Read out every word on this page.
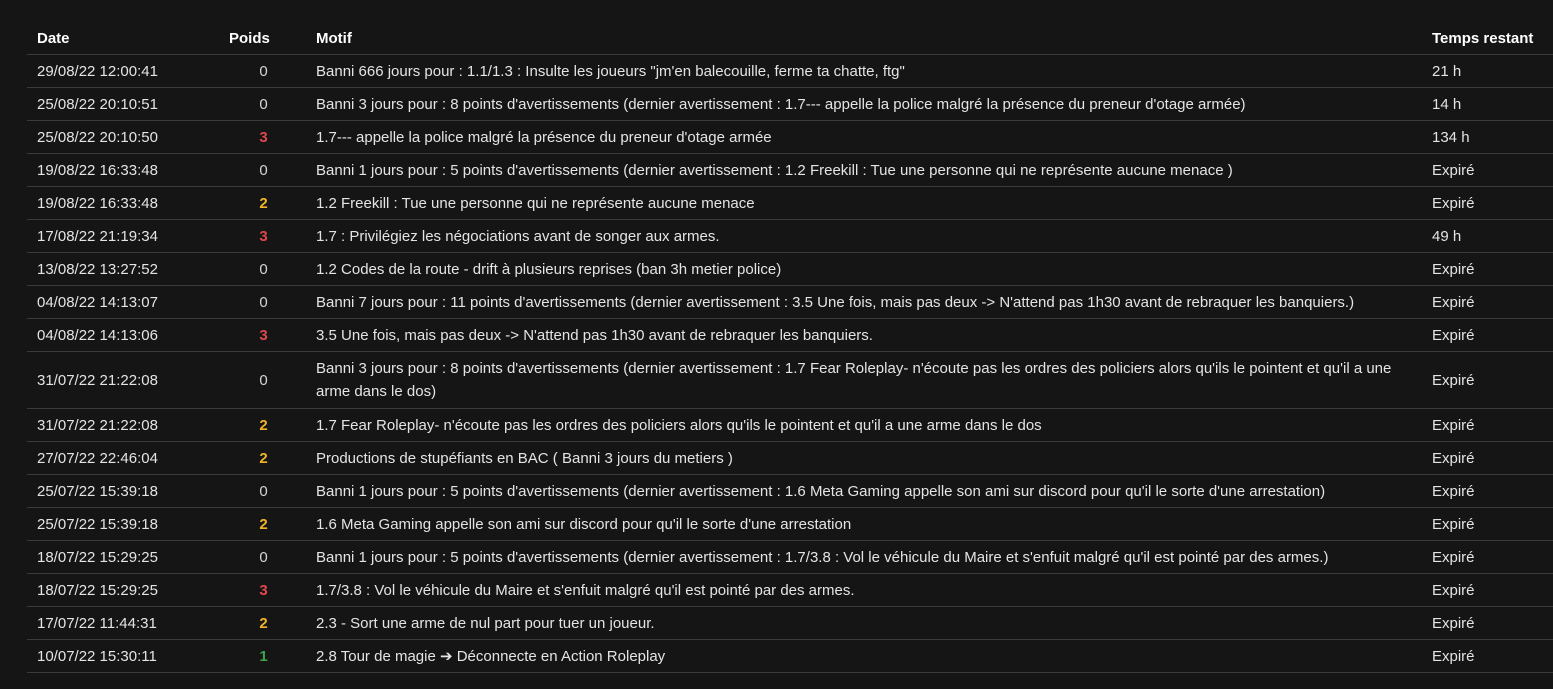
Date	Poids	Motif	Temps restant
29/08/22 12:00:41	0	Banni 666 jours pour : 1.1/1.3 : Insulte les joueurs "jm'en balecouille, ferme ta chatte, ftg"	21 h
25/08/22 20:10:51	0	Banni 3 jours pour : 8 points d'avertissements (dernier avertissement : 1.7--- appelle la police malgré la présence du preneur d'otage armée)	14 h
25/08/22 20:10:50	3	1.7--- appelle la police malgré la présence du preneur d'otage armée	134 h
19/08/22 16:33:48	0	Banni 1 jours pour : 5 points d'avertissements (dernier avertissement : 1.2 Freekill : Tue une personne qui ne représente aucune menace )	Expiré
19/08/22 16:33:48	2	1.2 Freekill : Tue une personne qui ne représente aucune menace	Expiré
17/08/22 21:19:34	3	1.7 : Privilégiez les négociations avant de songer aux armes.	49 h
13/08/22 13:27:52	0	1.2 Codes de la route - drift à plusieurs reprises (ban 3h metier police)	Expiré
04/08/22 14:13:07	0	Banni 7 jours pour : 11 points d'avertissements (dernier avertissement : 3.5 Une fois, mais pas deux -> N'attend pas 1h30 avant de rebraquer les banquiers.)	Expiré
04/08/22 14:13:06	3	3.5 Une fois, mais pas deux -> N'attend pas 1h30 avant de rebraquer les banquiers.	Expiré
31/07/22 21:22:08	0	Banni 3 jours pour : 8 points d'avertissements (dernier avertissement : 1.7 Fear Roleplay- n'écoute pas les ordres des policiers alors qu'ils le pointent et qu'il a une arme dans le dos)	Expiré
31/07/22 21:22:08	2	1.7 Fear Roleplay- n'écoute pas les ordres des policiers alors qu'ils le pointent et qu'il a une arme dans le dos	Expiré
27/07/22 22:46:04	2	Productions de stupéfiants en BAC ( Banni 3 jours du metiers )	Expiré
25/07/22 15:39:18	0	Banni 1 jours pour : 5 points d'avertissements (dernier avertissement : 1.6 Meta Gaming appelle son ami sur discord pour qu'il le sorte d'une arrestation)	Expiré
25/07/22 15:39:18	2	1.6 Meta Gaming appelle son ami sur discord pour qu'il le sorte d'une arrestation	Expiré
18/07/22 15:29:25	0	Banni 1 jours pour : 5 points d'avertissements (dernier avertissement : 1.7/3.8 : Vol le véhicule du Maire et s'enfuit malgré qu'il est pointé par des armes.)	Expiré
18/07/22 15:29:25	3	1.7/3.8 : Vol le véhicule du Maire et s'enfuit malgré qu'il est pointé par des armes.	Expiré
17/07/22 11:44:31	2	2.3 - Sort une arme de nul part pour tuer un joueur.	Expiré
10/07/22 15:30:11	1	2.8 Tour de magie ➔ Déconnecte en Action Roleplay	Expiré
